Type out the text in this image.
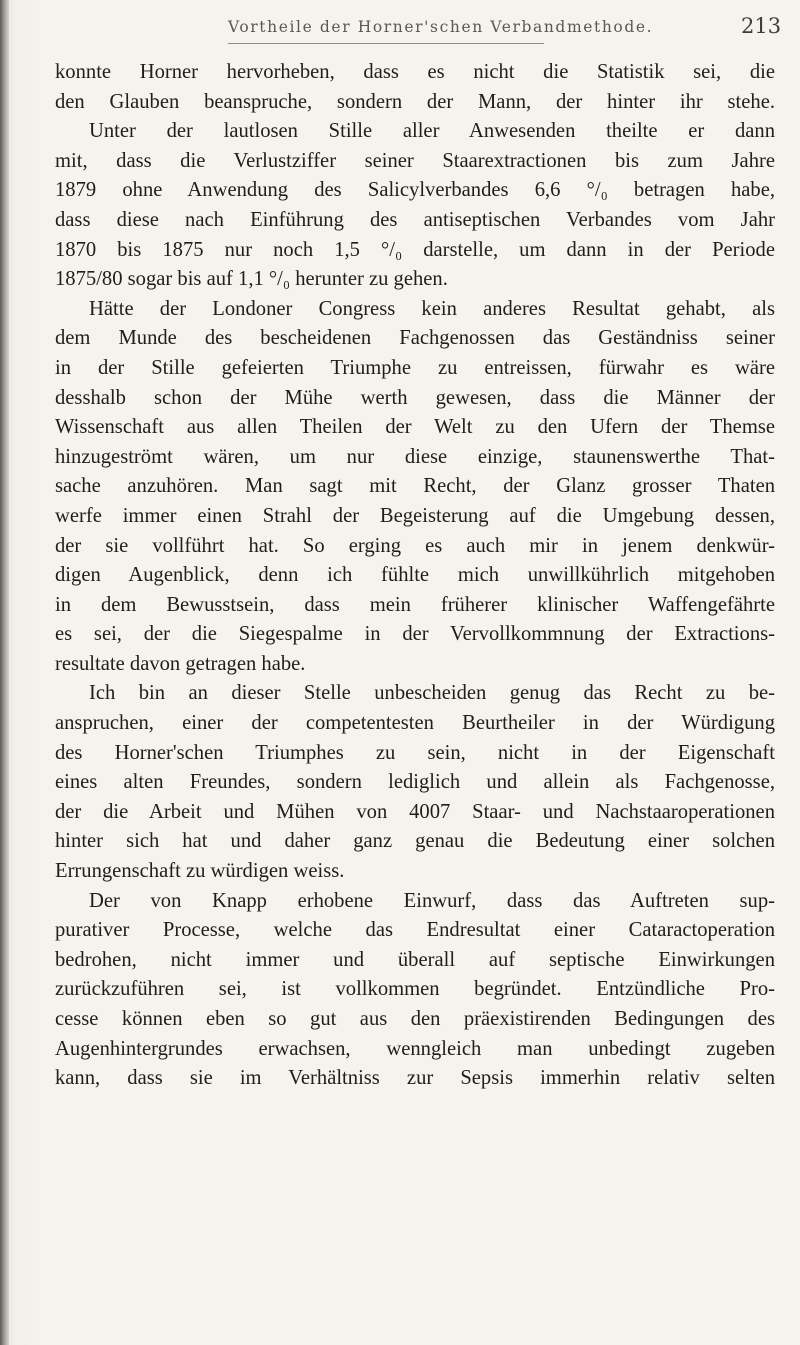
Vortheile der Horner'schen Verbandmethode.	213
konnte Horner hervorheben, dass es nicht die Statistik sei, die
den Glauben beanspruche, sondern der Mann, der hinter ihr stehe.
Unter der lautlosen Stille aller Anwesenden theilte er dann
mit, dass die Verlustziffer seiner Staarextractionen bis zum Jahre
1879 ohne Anwendung des Salicylverbandes 6,6 °/₀ betragen habe,
dass diese nach Einführung des antiseptischen Verbandes vom Jahr
1870 bis 1875 nur noch 1,5 °/₀ darstelle, um dann in der Periode
1875/80 sogar bis auf 1,1 °/₀ herunter zu gehen.
Hätte der Londoner Congress kein anderes Resultat gehabt, als
dem Munde des bescheidenen Fachgenossen das Geständniss seiner
in der Stille gefeierten Triumphe zu entreissen, fürwahr es wäre
desshalb schon der Mühe werth gewesen, dass die Männer der
Wissenschaft aus allen Theilen der Welt zu den Ufern der Themse
hinzugeströmt wären, um nur diese einzige, staunenswerthe That-
sache anzuhören. Man sagt mit Recht, der Glanz grosser Thaten
werfe immer einen Strahl der Begeisterung auf die Umgebung dessen,
der sie vollführt hat. So erging es auch mir in jenem denkwür-
digen Augenblick, denn ich fühlte mich unwillkührlich mitgehoben
in dem Bewusstsein, dass mein früherer klinischer Waffengefährte
es sei, der die Siegespalme in der Vervollkommnung der Extractions-
resultate davon getragen habe.
Ich bin an dieser Stelle unbescheiden genug das Recht zu be-
anspruchen, einer der competentesten Beurtheiler in der Würdigung
des Horner'schen Triumphes zu sein, nicht in der Eigenschaft
eines alten Freundes, sondern lediglich und allein als Fachgenosse,
der die Arbeit und Mühen von 4007 Staar- und Nachstaaroperationen
hinter sich hat und daher ganz genau die Bedeutung einer solchen
Errungenschaft zu würdigen weiss.
Der von Knapp erhobene Einwurf, dass das Auftreten sup-
purativer Processe, welche das Endresultat einer Cataractoperation
bedrohen, nicht immer und überall auf septische Einwirkungen
zurückzuführen sei, ist vollkommen begründet. Entzündliche Pro-
cesse können eben so gut aus den präexistirenden Bedingungen des
Augenhintergrundes erwachsen, wenngleich man unbedingt zugeben
kann, dass sie im Verhältniss zur Sepsis immerhin relativ selten
